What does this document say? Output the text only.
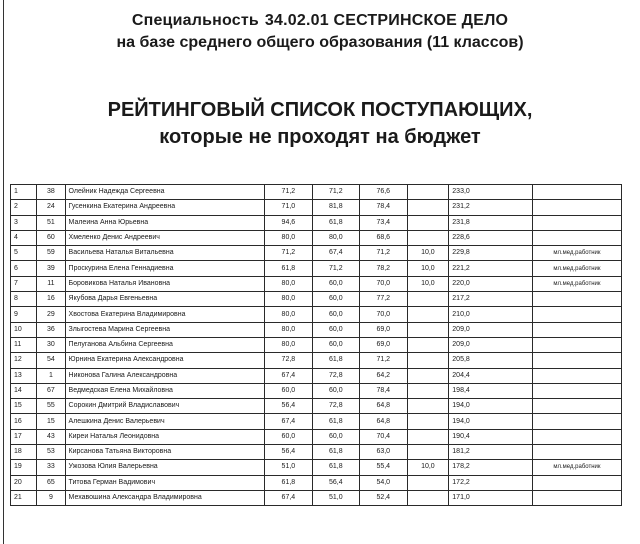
Специальность 34.02.01 СЕСТРИНСКОЕ ДЕЛО
на базе среднего общего образования (11 классов)
РЕЙТИНГОВЫЙ СПИСОК ПОСТУПАЮЩИХ,
которые не проходят на бюджет
1	38	Олейник Надежда Сергеевна	71,2	71,2	76,6		233,0	
2	24	Гусенкина Екатерина Андреевна	71,0	81,8	78,4		231,2	
3	51	Малеина Анна Юрьевна	94,6	61,8	73,4		231,8	
4	60	Хмеленко Денис Андреевич	80,0	80,0	68,6		228,6	
5	59	Васильева Наталья Витальевна	71,2	67,4	71,2	10,0	229,8	мл.мед.работник
6	39	Проскурина Елена Геннадиевна	61,8	71,2	78,2	10,0	221,2	мл.мед.работник
7	11	Боровикова Наталья Ивановна	80,0	60,0	70,0	10,0	220,0	мл.мед.работник
8	16	Якубова Дарья Евгеньевна	80,0	60,0	77,2		217,2	
9	29	Хвостова Екатерина Владимировна	80,0	60,0	70,0		210,0	
10	36	Злыгостева Марина Сергеевна	80,0	60,0	69,0		209,0	
11	30	Пелуганова Альбина Сергеевна	80,0	60,0	69,0		209,0	
12	54	Юрнина Екатерина Александровна	72,8	61,8	71,2		205,8	
13	1	Никонова Галина Александровна	67,4	72,8	64,2		204,4	
14	67	Ведмедская Елена Михайловна	60,0	60,0	78,4		198,4	
15	55	Сорокин Дмитрий Владиславович	56,4	72,8	64,8		194,0	
16	15	Алешкина Денис Валерьевич	67,4	61,8	64,8		194,0	
17	43	Киреи Наталья Леонидовна	60,0	60,0	70,4		190,4	
18	53	Кирсанова Татьяна Викторовна	56,4	61,8	63,0		181,2	
19	33	Ужозова Юлия Валерьевна	51,0	61,8	55,4	10,0	178,2	мл.мед.работник
20	65	Титова Герман Вадимович	61,8	56,4	54,0		172,2	
21	9	Мехавошина Александра Владимировна	67,4	51,0	52,4		171,0	
